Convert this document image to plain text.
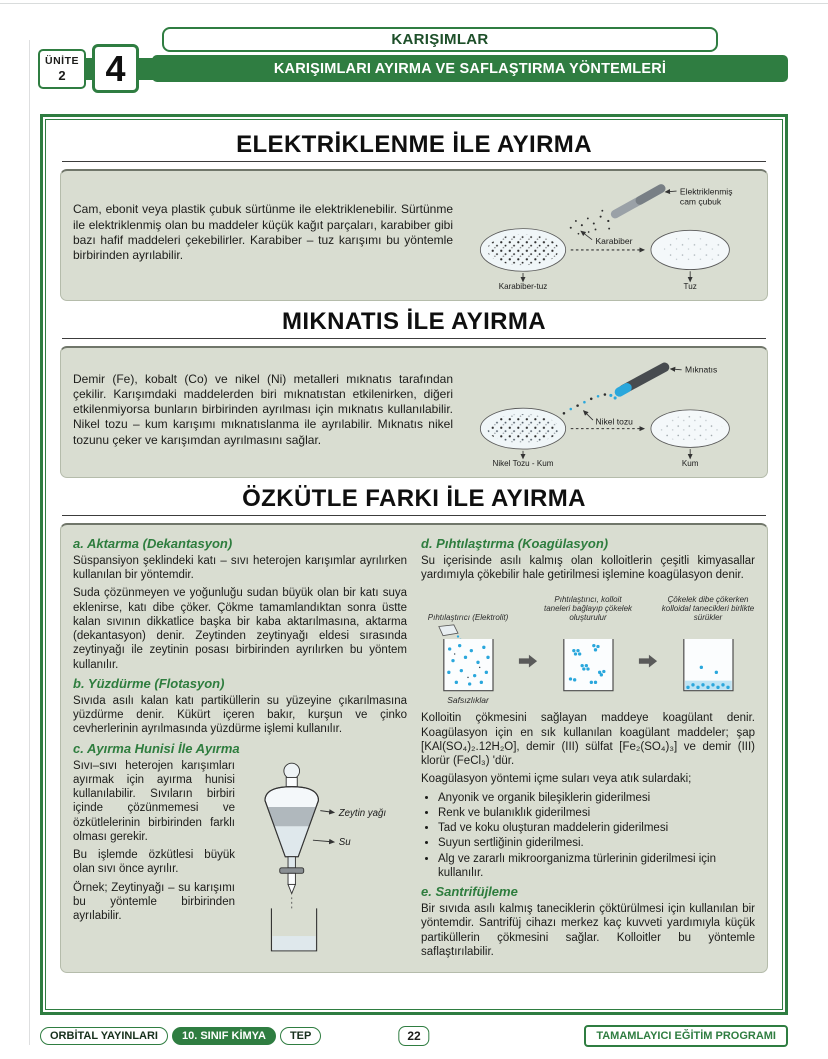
KARIŞIMLAR
KARIŞIMLARI AYIRMA VE SAFLAŞTIRMA YÖNTEMLERİ
ÜNİTE
2	4
ELEKTRİKLENME İLE AYIRMA

Cam, ebonit veya plastik çubuk sürtünme ile elektriklenebilir. Sürtünme ile elektriklenmiş olan bu maddeler küçük kağıt parçaları, karabiber gibi bazı hafif maddeleri çekebilirler. Karabiber – tuz karışımı bu yöntemle birbirinden ayrılabilir.

Elektriklenmiş
cam çubuk
Karabiber
Karabiber-tuz	Tuz
MIKNATIS İLE AYIRMA

Demir (Fe), kobalt (Co) ve nikel (Ni) metalleri mıknatıs tarafından çekilir. Karışımdaki maddelerden biri mıknatıstan etkilenirken, diğeri etkilenmiyorsa bunların birbirinden ayrılması için mıknatıs kullanılabilir. Nikel tozu – kum karışımı mıknatıslanma ile ayrılabilir. Mıknatıs nikel tozunu çeker ve karışımdan ayrılmasını sağlar.

Mıknatıs
Nikel tozu
Nikel Tozu - Kum	Kum
ÖZKÜTLE FARKI İLE AYIRMA
a. Aktarma (Dekantasyon)

Süspansiyon şeklindeki katı – sıvı heterojen karışımlar ayrılırken kullanılan bir yöntemdir.

Suda çözünmeyen ve yoğunluğu sudan büyük olan bir katı suya eklenirse, katı dibe çöker. Çökme tamamlandıktan sonra üstte kalan sıvının dikkatlice başka bir kaba aktarılmasına, aktarma (dekantasyon) denir. Zeytinden zeytinyağı eldesi sırasında zeytinyağı ile zeytinin posası birbirinden ayrılırken bu yöntem kullanılır.

b. Yüzdürme (Flotasyon)

Sıvıda asılı kalan katı partiküllerin su yüzeyine çıkarılmasına yüzdürme denir. Kükürt içeren bakır, kurşun ve çinko cevherlerinin ayrılmasında yüzdürme işlemi kullanılır.

c. Ayırma Hunisi İle Ayırma
Zeytin yağı
Su

Sıvı–sıvı heterojen karışımları ayırmak için ayırma hunisi kullanılabilir. Sıvıların birbiri içinde çözünmemesi ve özkütlelerinin birbirinden farklı olması gerekir.

Bu işlemde özkütlesi büyük olan sıvı önce ayrılır.

Örnek; Zeytinyağı – su karışımı bu yöntemle birbirinden ayrılabilir.

d. Pıhtılaştırma (Koagülasyon)

Su içerisinde asılı kalmış olan kolloitlerin çeşitli kimyasallar yardımıyla çökebilir hale getirilmesi işlemine koagülasyon denir.

Pıhtılaştırıcı (Elektrolit)
Safsızlıklar
Pıhtılaştırıcı, kolloit taneleri bağlayıp çökelek oluşturulur
Çökelek dibe çökerken kolloidal tanecikleri birlikte sürükler

Kolloitin çökmesini sağlayan maddeye koagülant denir. Koagülasyon için en sık kullanılan koagülant maddeler; şap [KAl(SO₄)₂.12H₂O], demir (III) sülfat [Fe₂(SO₄)₃] ve demir (III) klorür (FeCl₃) 'dür.

Koagülasyon yöntemi içme suları veya atık sulardaki;

• Anyonik ve organik bileşiklerin giderilmesi
• Renk ve bulanıklık giderilmesi
• Tad ve koku oluşturan maddelerin giderilmesi
• Suyun sertliğinin giderilmesi.
• Alg ve zararlı mikroorganizma türlerinin giderilmesi için kullanılır.
e. Santrifüjleme

Bir sıvıda asılı kalmış taneciklerin çöktürülmesi için kullanılan bir yöntemdir. Santrifüj cihazı merkez kaç kuvveti yardımıyla küçük partiküllerin çökmesini sağlar. Kolloitler bu yöntemle saflaştırılabilir.

ORBİTAL YAYINLARI	10. SINIF KİMYA	TEP	22	TAMAMLAYICI EĞİTİM PROGRAMI
